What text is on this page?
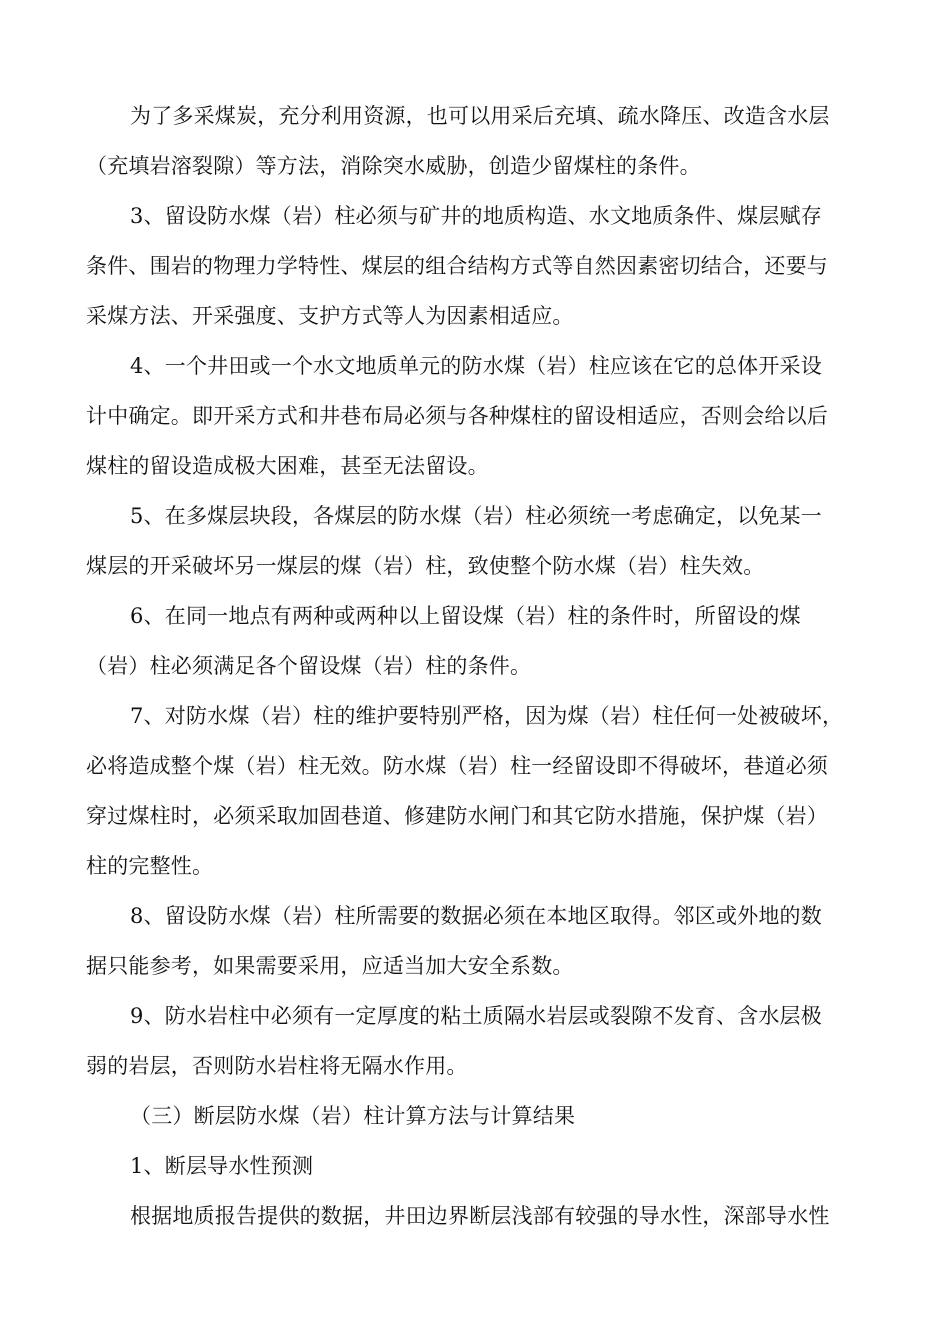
为了多采煤炭，充分利用资源，也可以用采后充填、疏水降压、改造含水层
（充填岩溶裂隙）等方法，消除突水威胁，创造少留煤柱的条件。
3、留设防水煤（岩）柱必须与矿井的地质构造、水文地质条件、煤层赋存
条件、围岩的物理力学特性、煤层的组合结构方式等自然因素密切结合，还要与
采煤方法、开采强度、支护方式等人为因素相适应。
4、一个井田或一个水文地质单元的防水煤（岩）柱应该在它的总体开采设
计中确定。即开采方式和井巷布局必须与各种煤柱的留设相适应，否则会给以后
煤柱的留设造成极大困难，甚至无法留设。
5、在多煤层块段，各煤层的防水煤（岩）柱必须统一考虑确定，以免某一
煤层的开采破坏另一煤层的煤（岩）柱，致使整个防水煤（岩）柱失效。
6、在同一地点有两种或两种以上留设煤（岩）柱的条件时，所留设的煤
（岩）柱必须满足各个留设煤（岩）柱的条件。
7、对防水煤（岩）柱的维护要特别严格，因为煤（岩）柱任何一处被破坏，
必将造成整个煤（岩）柱无效。防水煤（岩）柱一经留设即不得破坏，巷道必须
穿过煤柱时，必须采取加固巷道、修建防水闸门和其它防水措施，保护煤（岩）
柱的完整性。
8、留设防水煤（岩）柱所需要的数据必须在本地区取得。邻区或外地的数
据只能参考，如果需要采用，应适当加大安全系数。
9、防水岩柱中必须有一定厚度的粘土质隔水岩层或裂隙不发育、含水层极
弱的岩层，否则防水岩柱将无隔水作用。
（三）断层防水煤（岩）柱计算方法与计算结果
1、断层导水性预测
根据地质报告提供的数据，井田边界断层浅部有较强的导水性，深部导水性
